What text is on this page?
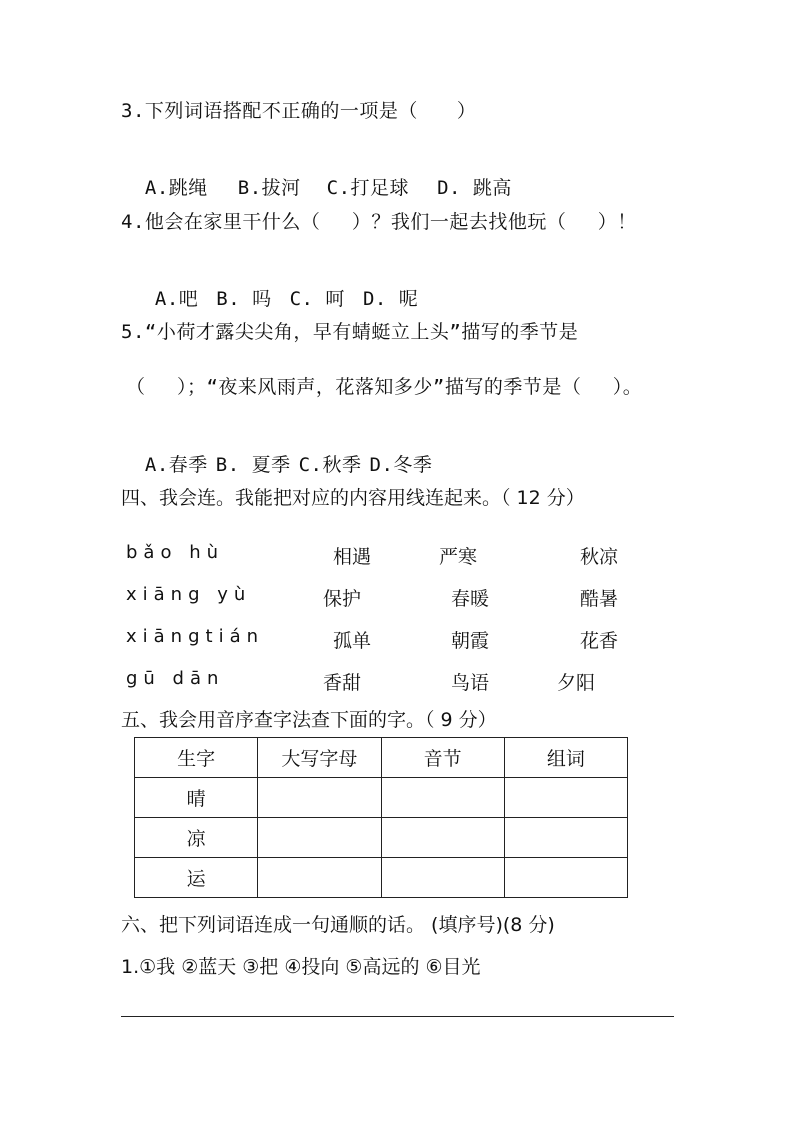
3.下列词语搭配不正确的一项是（　　）

A.跳绳 B.拔河 C.打足球 D. 跳高

4.他会在家里干什么（　 ）？我们一起去找他玩（　 ）！

A.吧 B. 吗 C. 呵 D. 呢

5.“小荷才露尖尖角，早有蜻蜓立上头”描写的季节是
（　 ）；“夜来风雨声，花落知多少”描写的季节是（　 ）。

A.春季 B. 夏季 C.秋季 D.冬季

四、我会连。我能把对应的内容用线连起来。（ 12 分）
bǎo hù	相遇	严寒	秋凉
xiāng yù	保护	春暖	酷暑
xiāngtián	孤单	朝霞	花香
gū dān	香甜	鸟语	夕阳
五、我会用音序查字法查下面的字。（ 9 分）
生字	大写字母	音节	组词
晴			
凉			
运			
六、把下列词语连成一句通顺的话。 (填序号)(8 分)
1.①我 ②蓝天 ③把 ④投向 ⑤高远的 ⑥目光
